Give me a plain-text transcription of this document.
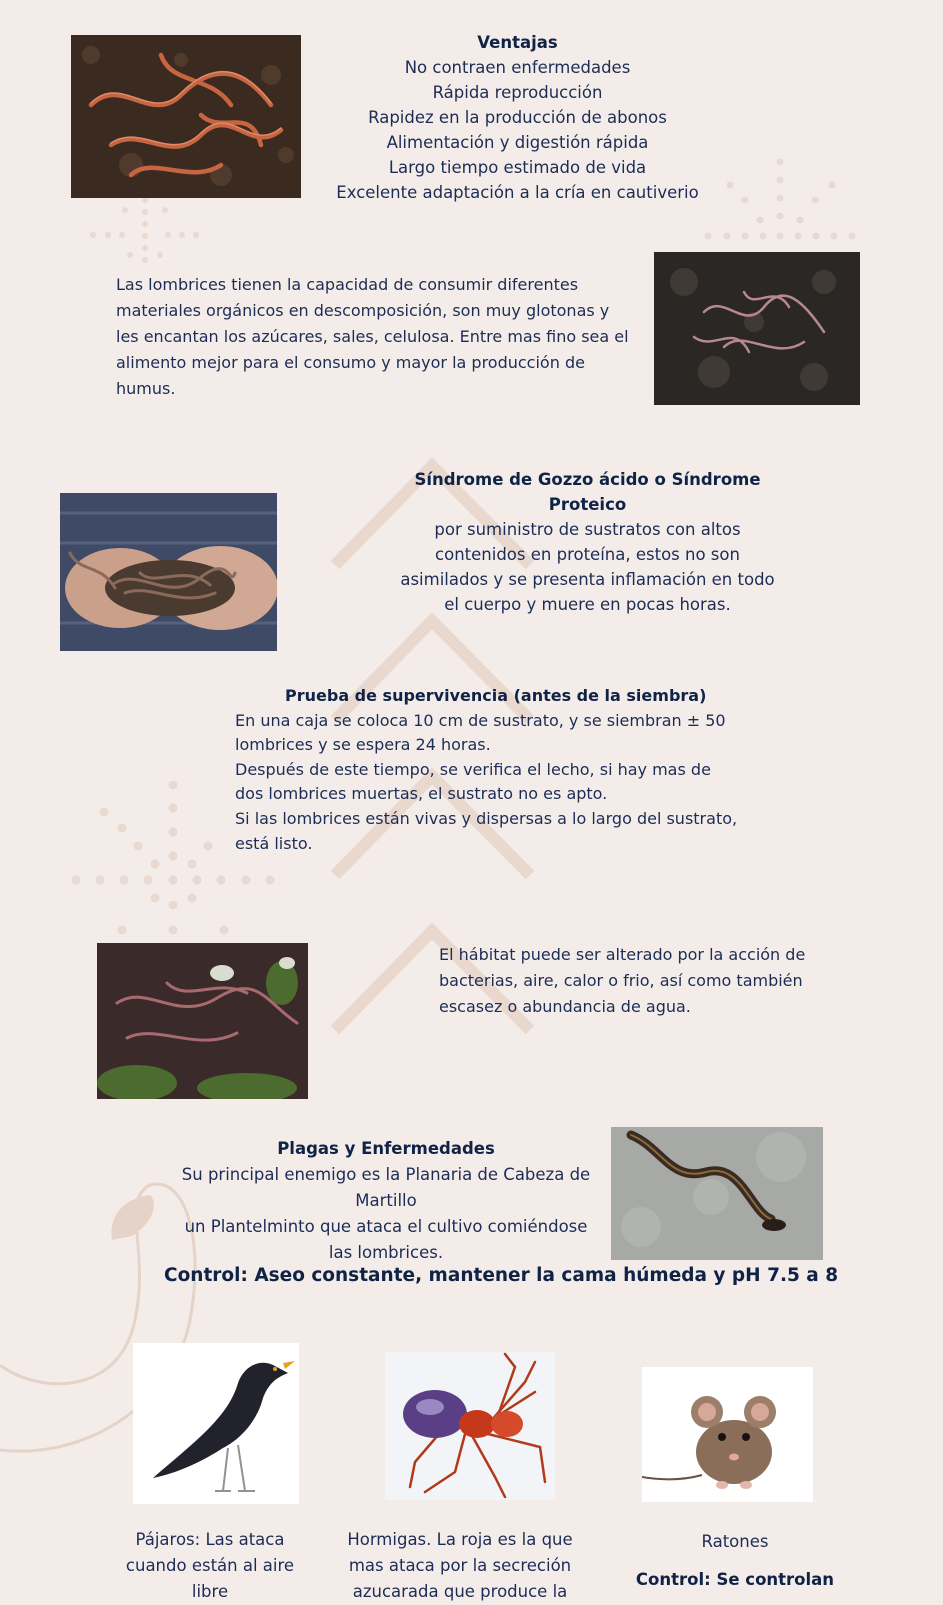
Ventajas
No contraen enfermedades
Rápida reproducción
Rapidez en la producción de abonos
Alimentación y digestión rápida
Largo tiempo estimado de vida
Excelente adaptación a la cría en cautiverio
Las lombrices tienen la capacidad de consumir diferentes
materiales orgánicos en descomposición, son muy glotonas y
les encantan los azúcares, sales, celulosa. Entre mas fino sea el
alimento mejor para el consumo y mayor la producción de
humus.
Síndrome de Gozzo ácido o Síndrome
Proteico
por suministro de sustratos con altos
contenidos en proteína, estos no son
asimilados y se presenta inflamación en todo
el cuerpo y muere en pocas horas.
Prueba de supervivencia (antes de la siembra)
En una caja se coloca 10 cm de sustrato, y se siembran ± 50
lombrices y se espera 24 horas.
Después de este tiempo, se verifica el lecho, si hay mas de
dos lombrices muertas, el sustrato no es apto.
Si las lombrices están vivas y dispersas a lo largo del sustrato,
está listo.
El hábitat puede ser alterado por la acción de
bacterias, aire, calor o frio, así como también
escasez o abundancia de agua.
Plagas y Enfermedades
Su principal enemigo es la Planaria de Cabeza de
Martillo
un Plantelminto que ataca el cultivo comiéndose
las lombrices.
Control: Aseo constante, mantener la cama húmeda y pH 7.5 a 8
Pájaros: Las ataca
cuando están al aire
libre
Hormigas. La roja es la que
mas ataca por la secreción
azucarada que produce la
Ratones
Control: Se controlan
